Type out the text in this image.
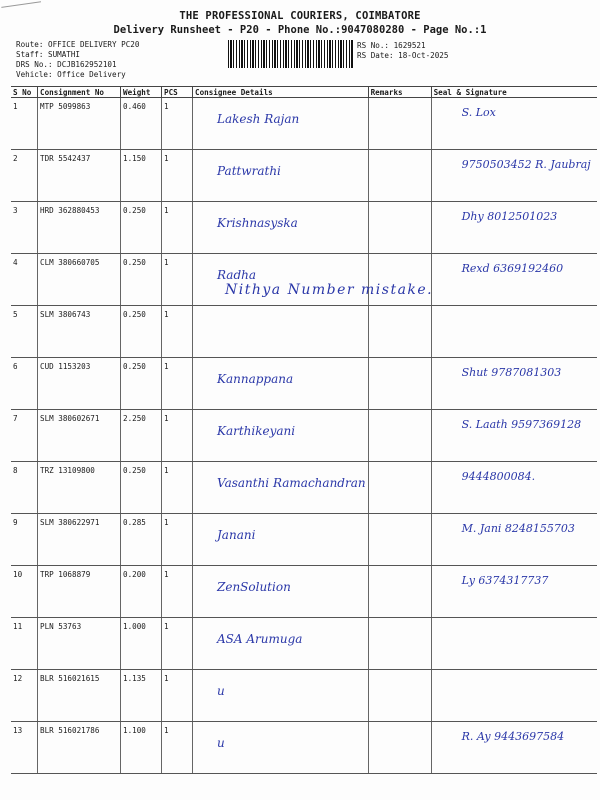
THE PROFESSIONAL COURIERS, COIMBATORE
Delivery Runsheet - P20 - Phone No.:9047080280 - Page No.:1
Route: OFFICE DELIVERY PC20
Staff: SUMATHI
DRS No.: DCJB162952101
Vehicle: Office Delivery
RS No.: 1629521
RS Date: 18-Oct-2025
S No	Consignment No	Weight	PCS	Consignee Details	Remarks	Seal & Signature
1	MTP 5099863	0.460	1	Lakesh Rajan		S. Lox
2	TDR 5542437	1.150	1	Pattwrathi		9750503452 R. Jaubraj
3	HRD 362880453	0.250	1	Krishnasyska		Dhy 8012501023
4	CLM 380660705	0.250	1	Radha		Rexd 6369192460
5	SLM 3806743	0.250	1			
6	CUD 1153203	0.250	1	Kannappana		Shut 9787081303
7	SLM 380602671	2.250	1	Karthikeyani		S. Laath 9597369128
8	TRZ 13109800	0.250	1	Vasanthi Ramachandran		9444800084.
9	SLM 380622971	0.285	1	Janani		M. Jani 8248155703
10	TRP 1068879	0.200	1	ZenSolution		Ly 6374317737
11	PLN 53763	1.000	1	ASA Arumuga		
12	BLR 516021615	1.135	1	u		
13	BLR 516021786	1.100	1	u		R. Ay 9443697584
Nithya Number mistake.
